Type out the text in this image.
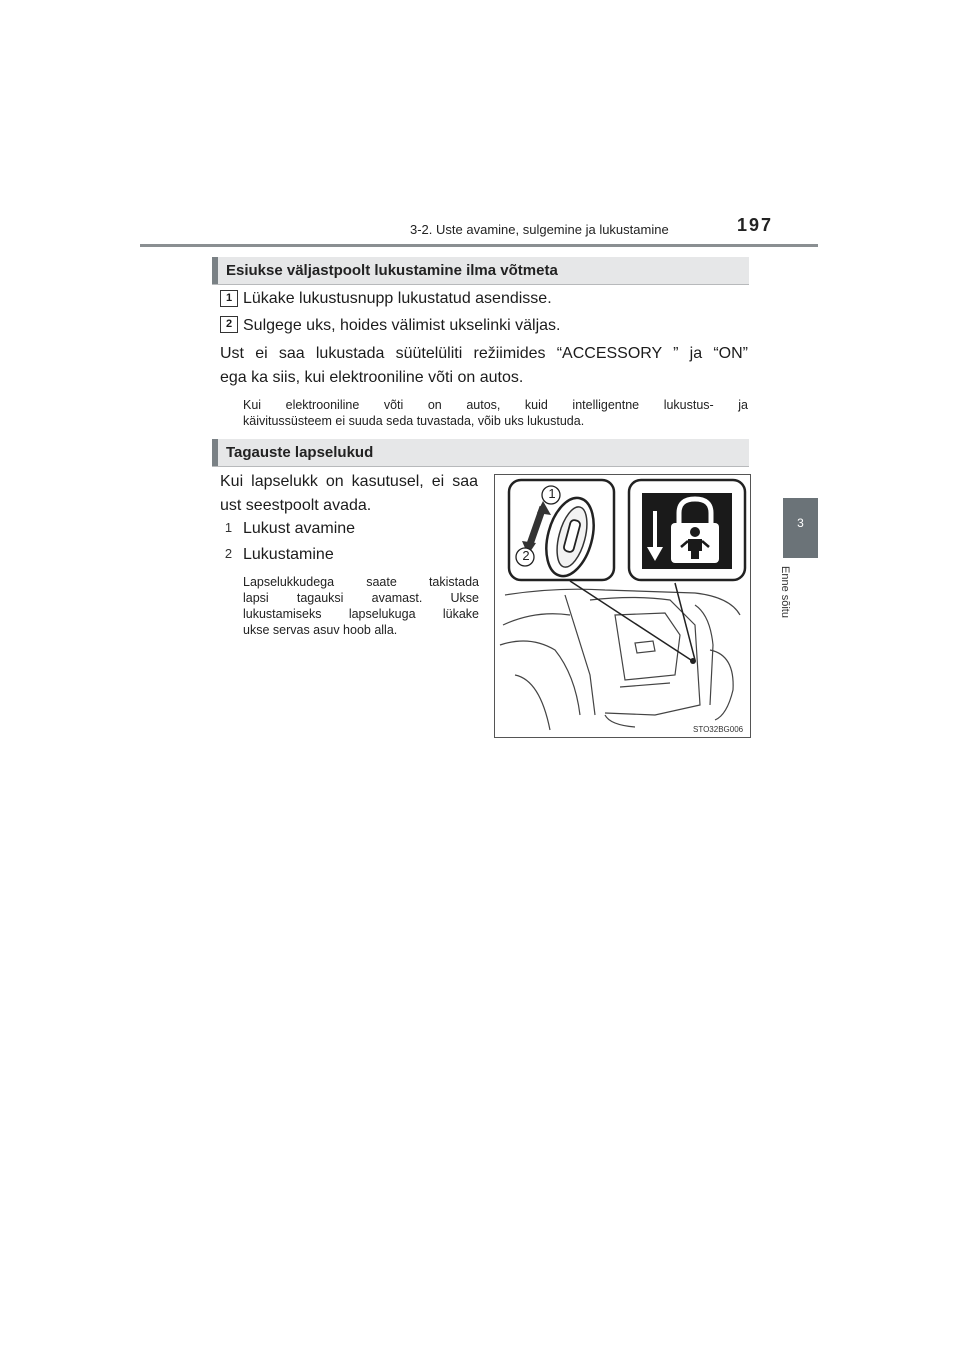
3-2. Uste avamine, sulgemine ja lukustamine	197
3
Enne sõitu
Esiukse väljastpoolt lukustamine ilma võtmeta
1 Lükake lukustusnupp lukustatud asendisse.
2 Sulgege uks, hoides välimist ukselinki väljas.
Ust ei saa lukustada süütelüliti režiimides “ACCESSORY ” ja “ON”
ega ka siis, kui elektrooniline võti on autos.
Kui elektrooniline võti on autos, kuid intelligentne lukustus- ja
käivitussüsteem ei suuda seda tuvastada, võib uks lukustuda.
Tagauste lapselukud
Kui lapselukk on kasutusel, ei saa
ust seestpoolt avada.
1 Lukust avamine
2 Lukustamine
Lapselukkudega saate takistada
lapsi tagauksi avamast. Ukse
lukustamiseks lapselukuga lükake
ukse servas asuv hoob alla.
1
2
STO32BG006
